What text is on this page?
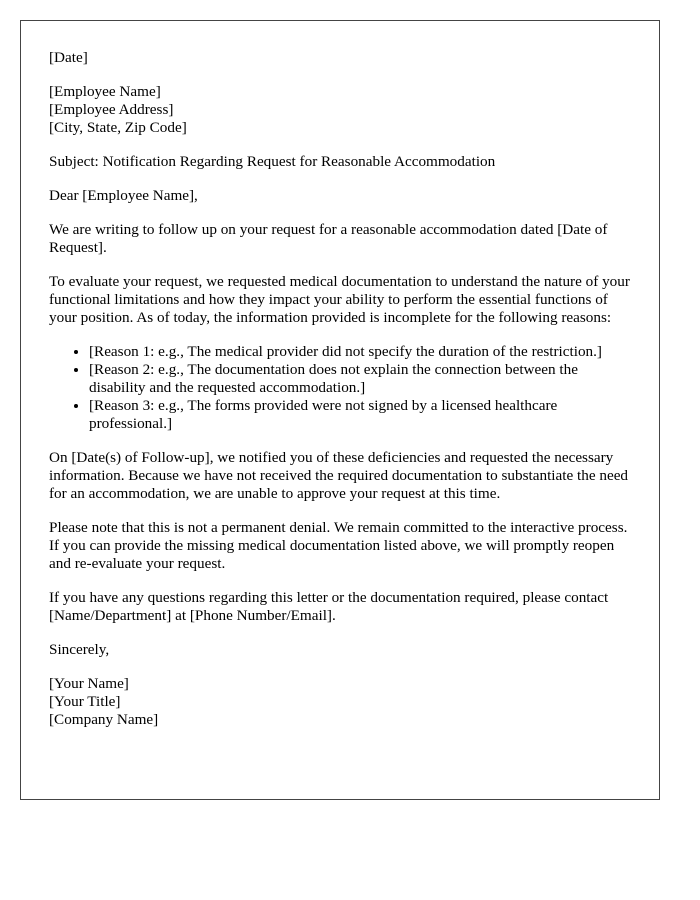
[Date]

[Employee Name]
[Employee Address]
[City, State, Zip Code]

Subject: Notification Regarding Request for Reasonable Accommodation

Dear [Employee Name],

We are writing to follow up on your request for a reasonable accommodation dated [Date of Request].

To evaluate your request, we requested medical documentation to understand the nature of your functional limitations and how they impact your ability to perform the essential functions of your position. As of today, the information provided is incomplete for the following reasons:

• [Reason 1: e.g., The medical provider did not specify the duration of the restriction.]
• [Reason 2: e.g., The documentation does not explain the connection between the disability and the requested accommodation.]
• [Reason 3: e.g., The forms provided were not signed by a licensed healthcare professional.]

On [Date(s) of Follow-up], we notified you of these deficiencies and requested the necessary information. Because we have not received the required documentation to substantiate the need for an accommodation, we are unable to approve your request at this time.

Please note that this is not a permanent denial. We remain committed to the interactive process. If you can provide the missing medical documentation listed above, we will promptly reopen and re-evaluate your request.

If you have any questions regarding this letter or the documentation required, please contact [Name/Department] at [Phone Number/Email].

Sincerely,

[Your Name]
[Your Title]
[Company Name]
